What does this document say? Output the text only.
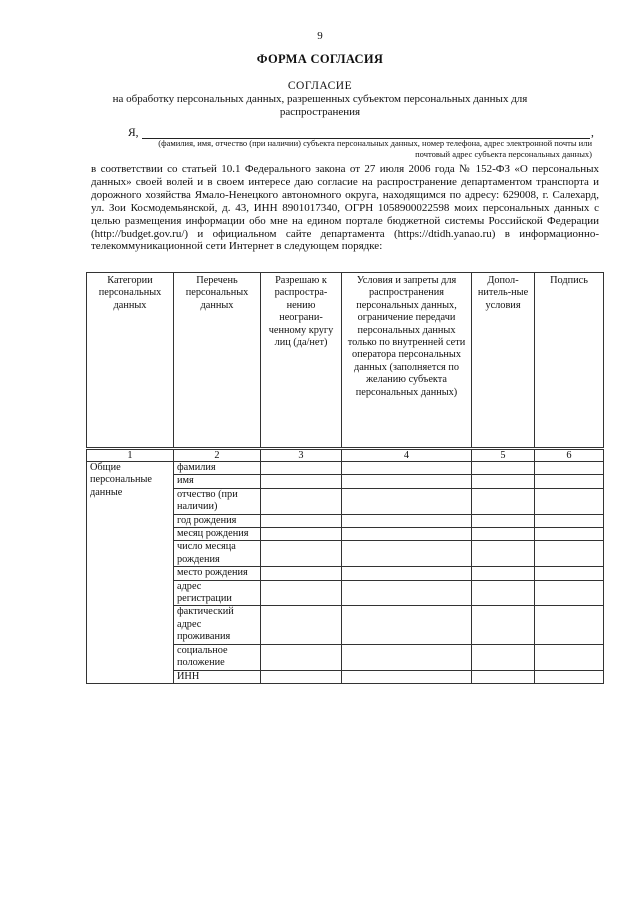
9
ФОРМА СОГЛАСИЯ
СОГЛАСИЕ
на обработку персональных данных, разрешенных субъектом персональных данных для распространения
Я,	,
(фамилия, имя, отчество (при наличии) субъекта персональных данных, номер телефона, адрес электронной почты или почтовый адрес субъекта персональных данных)

в соответствии со статьей 10.1 Федерального закона от 27 июля 2006 года № 152-ФЗ «О персональных данных» своей волей и в своем интересе даю согласие на распространение департаментом транспорта и дорожного хозяйства Ямало-Ненецкого автономного округа, находящимся по адресу: 629008, г. Салехард, ул. Зои Космодемьянской, д. 43, ИНН 8901017340, ОГРН 1058900022598 моих персональных данных с целью размещения информации обо мне на едином портале бюджетной системы Российской Федерации (http://budget.gov.ru/) и официальном сайте департамента (https://dtidh.yanao.ru) в информационно-телекоммуникационной сети Интернет в следующем порядке:

Категории персональных данных	Перечень персональных данных	Разрешаю к распростра-нению неограни-ченному кругу лиц (да/нет)	Условия и запреты для распространения персональных данных, ограничение передачи персональных данных только по внутренней сети оператора персональных данных (заполняется по желанию субъекта персональных данных)	Допол-нитель-ные условия	Подпись
1	2	3	4	5	6
Общие персональные данные	фамилия				
	имя				
	отчество (при наличии)				
	год рождения				
	месяц рождения				
	число месяца рождения				
	место рождения				
	адрес регистрации				
	фактический адрес проживания				
	социальное положение				
	ИНН				
